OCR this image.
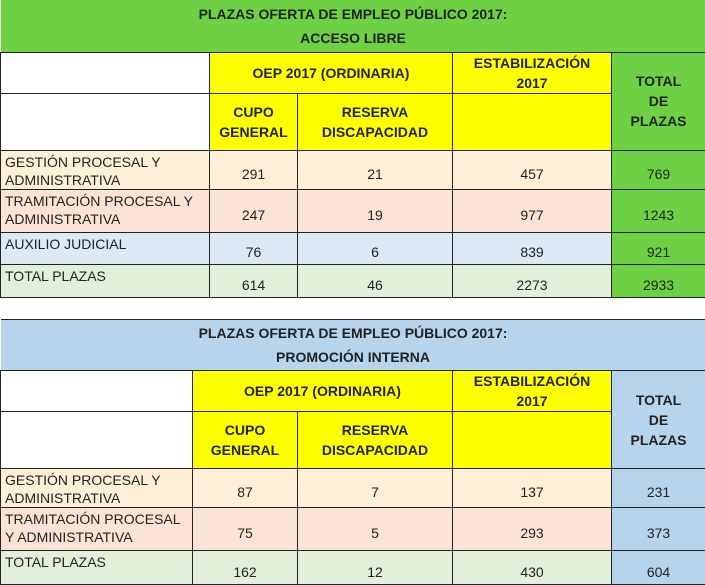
PLAZAS OFERTA DE EMPLEO PÚBLICO 2017:
ACCESO LIBRE				

	OEP 2017 (ORDINARIA)		ESTABILIZACIÓN 2017	TOTAL DE PLAZAS

	CUPO GENERAL	RESERVA DISCAPACIDAD		
GESTIÓN PROCESAL Y ADMINISTRATIVA	291	21	457	769
TRAMITACIÓN PROCESAL Y ADMINISTRATIVA	247	19	977	1243
AUXILIO JUDICIAL	76	6	839	921
TOTAL PLAZAS	614	46	2273	2933
PLAZAS OFERTA DE EMPLEO PÚBLICO 2017:
PROMOCIÓN INTERNA				

	OEP 2017 (ORDINARIA)		ESTABILIZACIÓN 2017	TOTAL DE PLAZAS

	CUPO GENERAL	RESERVA DISCAPACIDAD		
GESTIÓN PROCESAL Y ADMINISTRATIVA	87	7	137	231
TRAMITACIÓN PROCESAL Y ADMINISTRATIVA	75	5	293	373
TOTAL PLAZAS	162	12	430	604
